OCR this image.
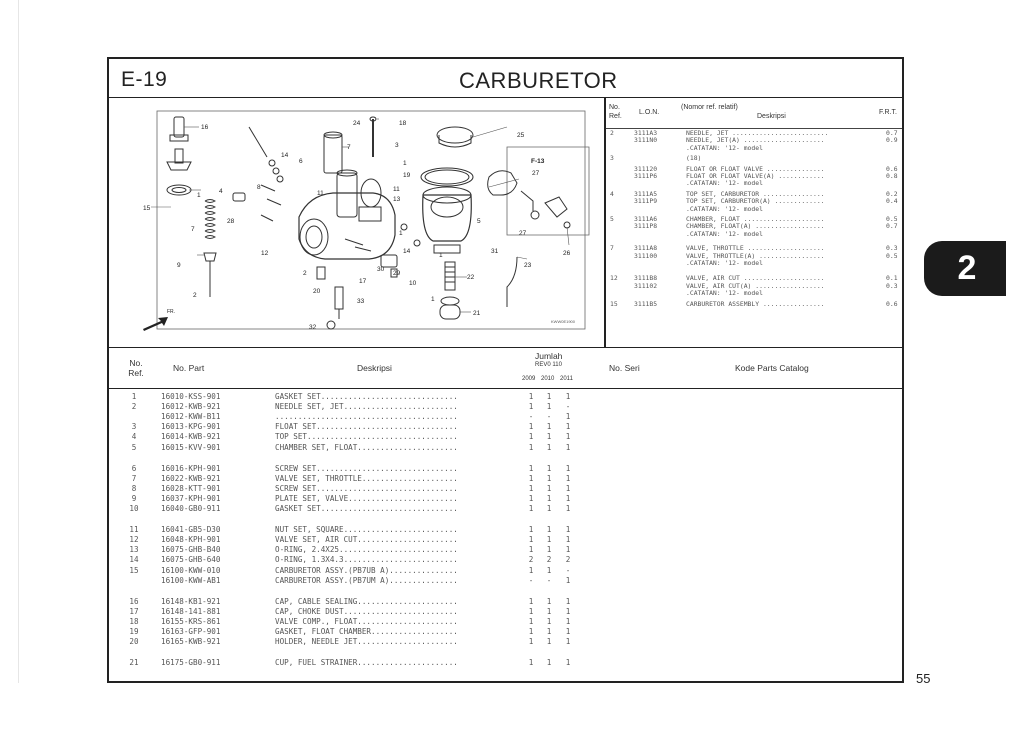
E-19	CARBURETOR
16
1
8
14
6
7
24	18
3
25
1
19
F-13
27
4	11
11
13
15
28
7
5
27
12
1
14
9
30
29
31
23
26
22
17	10
2
20
33
21
32
1
1
2
FR.
KWW0E1900
No. Ref.
L.O.N.
(Nomor ref. relatif)
Deskripsi
F.R.T.
No. Ref.	No. Part	Deskripsi
Jumlah
REV0 110
2009 2010 2011
No. Seri	Kode Parts Catalog
2	3111A3	NEEDLE, JET .........................	0.7
3111N0	NEEDLE, JET(A) .....................	0.9
.CATATAN: '12- model
3	(18)
311120	FLOAT OR FLOAT VALVE ...............	0.6
3111P6	FLOAT OR FLOAT VALVE(A) ............	0.8
.CATATAN: '12- model
4	3111A5	TOP SET, CARBURETOR ................	0.2
3111P9	TOP SET, CARBURETOR(A) .............	0.4
.CATATAN: '12- model
5	3111A6	CHAMBER, FLOAT .....................	0.5
3111P8	CHAMBER, FLOAT(A) ..................	0.7
.CATATAN: '12- model
7	3111A8	VALVE, THROTTLE ....................	0.3
311100	VALVE, THROTTLE(A) .................	0.5
.CATATAN: '12- model
12	3111B8	VALVE, AIR CUT .....................	0.1
311102	VALVE, AIR CUT(A) ..................	0.3
.CATATAN: '12- model
15	3111B5	CARBURETOR ASSEMBLY ................	0.6
1	16010-KSS-901	GASKET SET..............................	1 1 1
2	16012-KWB-921	NEEDLE SET, JET.........................	1 1 -
16012-KWW-B11	........................................	- - 1
3	16013-KPG-901	FLOAT SET...............................	1 1 1
4	16014-KWB-921	TOP SET.................................	1 1 1
5	16015-KVV-901	CHAMBER SET, FLOAT......................	1 1 1
6	16016-KPH-901	SCREW SET...............................	1 1 1
7	16022-KWB-921	VALVE SET, THROTTLE.....................	1 1 1
8	16028-KTT-901	SCREW SET...............................	1 1 1
9	16037-KPH-901	PLATE SET, VALVE........................	1 1 1
10	16040-GB0-911	GASKET SET..............................	1 1 1
11	16041-GB5-D30	NUT SET, SQUARE.........................	1 1 1
12	16048-KPH-901	VALVE SET, AIR CUT......................	1 1 1
13	16075-GHB-B40	O-RING, 2.4X25..........................	1 1 1
14	16075-GHB-640	O-RING, 1.3X4.3.........................	2 2 2
15	16100-KWW-010	CARBURETOR ASSY.(PB7UB A)...............	1 1 -
16100-KWW-AB1	CARBURETOR ASSY.(PB7UM A)...............	- - 1
16	16148-KB1-921	CAP, CABLE SEALING......................	1 1 1
17	16148-141-881	CAP, CHOKE DUST.........................	1 1 1
18	16155-KRS-861	VALVE COMP., FLOAT......................	1 1 1
19	16163-GFP-901	GASKET, FLOAT CHAMBER...................	1 1 1
20	16165-KWB-921	HOLDER, NEEDLE JET......................	1 1 1
21	16175-GB0-911	CUP, FUEL STRAINER......................	1 1 1
2
55
